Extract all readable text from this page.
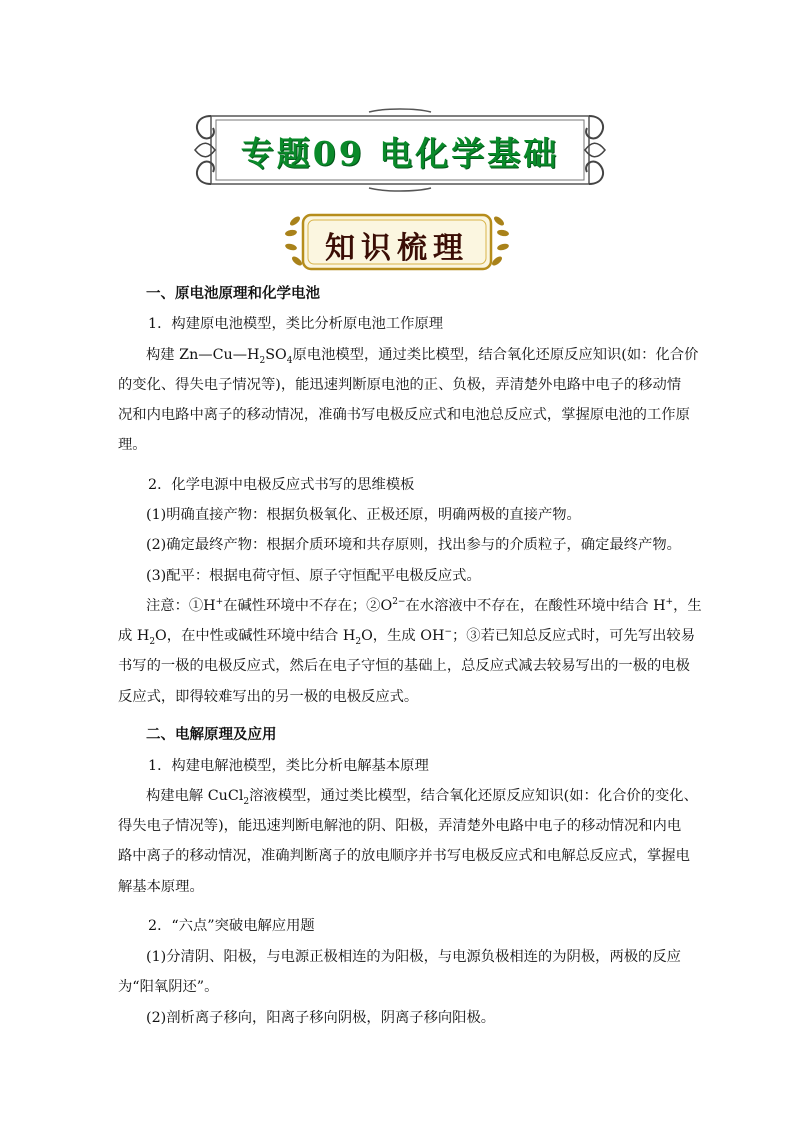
专题09 电化学基础
知识梳理
一、原电池原理和化学电池
1．构建原电池模型，类比分析原电池工作原理
构建 $Zn—Cu—H_2SO_4$原电池模型，通过类比模型，结合氧化还原反应知识(如：化合价
的变化、得失电子情况等)，能迅速判断原电池的正、负极，弄清楚外电路中电子的移动情
况和内电路中离子的移动情况，准确书写电极反应式和电池总反应式，掌握原电池的工作原
理。
2．化学电源中电极反应式书写的思维模板
(1)明确直接产物：根据负极氧化、正极还原，明确两极的直接产物。
(2)确定最终产物：根据介质环境和共存原则，找出参与的介质粒子，确定最终产物。
(3)配平：根据电荷守恒、原子守恒配平电极反应式。
注意：①H+在碱性环境中不存在；$②O^{2-}$在水溶液中不存在，在酸性环境中结合 H+，生
成 $H_2O$，在中性或碱性环境中结合 $H_2O$，生成 OH−；③若已知总反应式时，可先写出较易
书写的一极的电极反应式，然后在电子守恒的基础上，总反应式减去较易写出的一极的电极
反应式，即得较难写出的另一极的电极反应式。
二、电解原理及应用
1．构建电解池模型，类比分析电解基本原理
构建电解 CuCl$_2$溶液模型，通过类比模型，结合氧化还原反应知识(如：化合价的变化、
得失电子情况等)，能迅速判断电解池的阴、阳极，弄清楚外电路中电子的移动情况和内电
路中离子的移动情况，准确判断离子的放电顺序并书写电极反应式和电解总反应式，掌握电
解基本原理。
2．“六点”突破电解应用题
(1)分清阴、阳极，与电源正极相连的为阳极，与电源负极相连的为阴极，两极的反应
为“阳氧阴还”。
(2)剖析离子移向，阳离子移向阴极，阴离子移向阳极。
